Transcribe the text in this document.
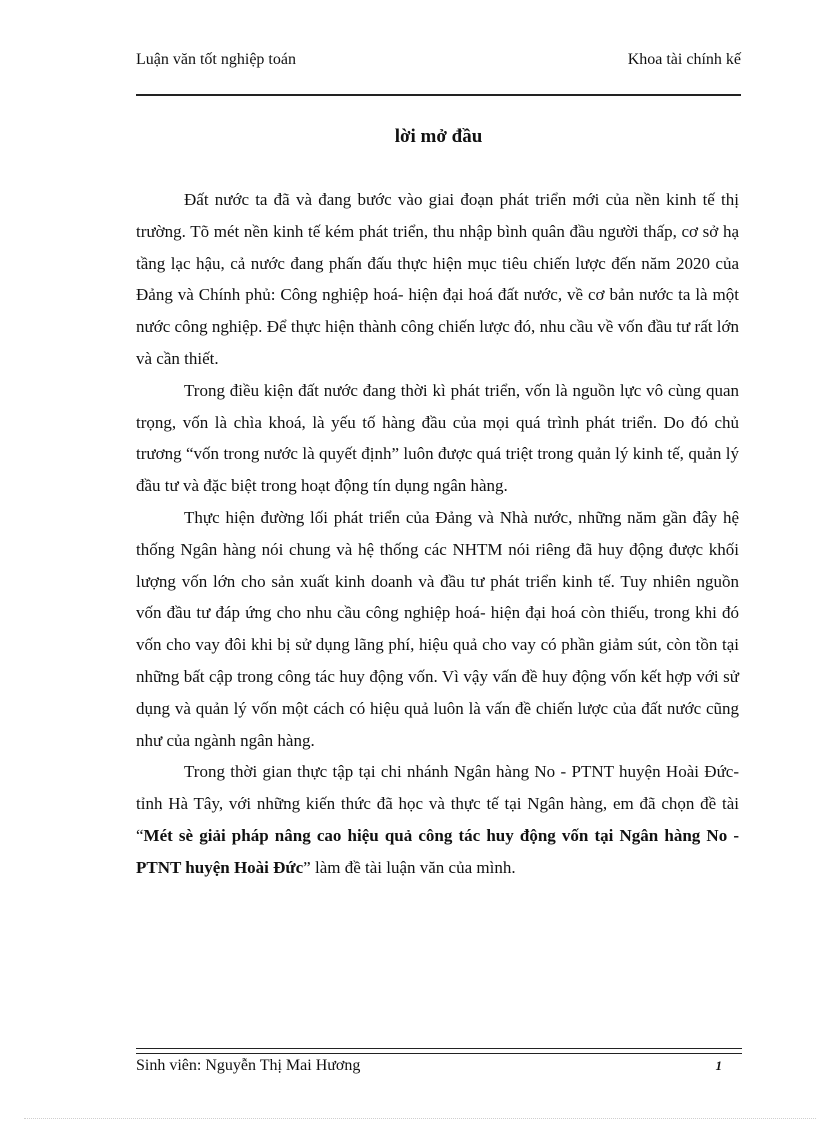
Luận văn tốt nghiệp toán	Khoa tài chính kế
lời mở đầu

Đất nước ta đã và đang bước vào giai đoạn phát triển mới của nền kinh tế thị trường. Tõ mét nền kinh tế kém phát triển, thu nhập bình quân đầu người thấp, cơ sở hạ tầng lạc hậu, cả nước đang phấn đấu thực hiện mục tiêu chiến lược đến năm 2020 của Đảng và Chính phủ: Công nghiệp hoá- hiện đại hoá đất nước, về cơ bản nước ta là một nước công nghiệp. Để thực hiện thành công chiến lược đó, nhu cầu về vốn đầu tư rất lớn và cần thiết.

Trong điều kiện đất nước đang thời kì phát triển, vốn là nguồn lực vô cùng quan trọng, vốn là chìa khoá, là yếu tố hàng đầu của mọi quá trình phát triển. Do đó chủ trương “vốn trong nước là quyết định” luôn được quá triệt trong quản lý kinh tế, quản lý đầu tư và đặc biệt trong hoạt động tín dụng ngân hàng.

Thực hiện đường lối phát triển của Đảng và Nhà nước, những năm gần đây hệ thống Ngân hàng nói chung và hệ thống các NHTM nói riêng đã huy động được khối lượng vốn lớn cho sản xuất kinh doanh và đầu tư phát triển kinh tế. Tuy nhiên nguồn vốn đầu tư đáp ứng cho nhu cầu công nghiệp hoá- hiện đại hoá còn thiếu, trong khi đó vốn cho vay đôi khi bị sử dụng lãng phí, hiệu quả cho vay có phần giảm sút, còn tồn tại những bất cập trong công tác huy động vốn. Vì vậy vấn đề huy động vốn kết hợp với sử dụng và quản lý vốn một cách có hiệu quả luôn là vấn đề chiến lược của đất nước cũng như của ngành ngân hàng.

Trong thời gian thực tập tại chi nhánh Ngân hàng No - PTNT huyện Hoài Đức- tỉnh Hà Tây, với những kiến thức đã học và thực tế tại Ngân hàng, em đã chọn đề tài “Mét sè giải pháp nâng cao hiệu quả công tác huy động vốn tại Ngân hàng No - PTNT huyện Hoài Đức” làm đề tài luận văn của mình.

Sinh viên: Nguyễn Thị Mai Hương	1
